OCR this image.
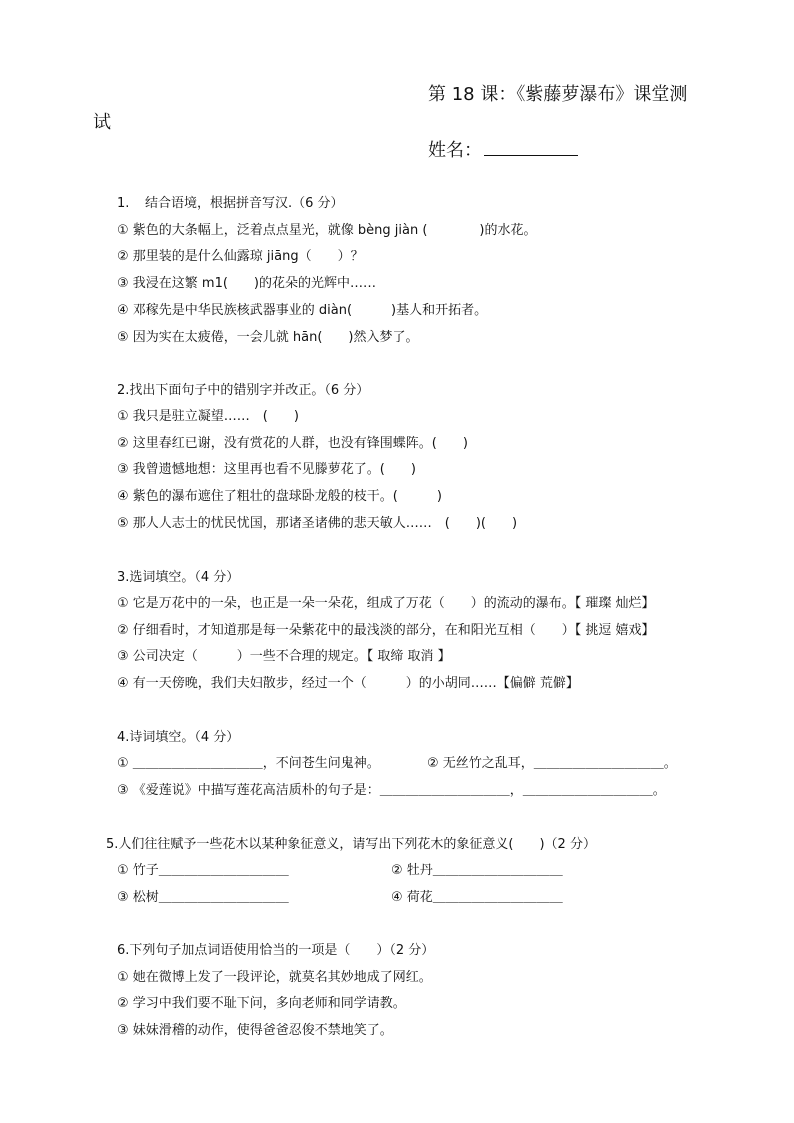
第 18 课：《紫藤萝瀑布》课堂测
试
姓名：
1. 结合语境，根据拼音写汉.（6 分）
① 紫色的大条幅上，泛着点点星光，就像 bèng jiàn (　　　　)的水花。
② 那里装的是什么仙露琼 jiāng（　　）？
③ 我浸在这繁 m1(　　)的花朵的光辉中……
④ 邓稼先是中华民族核武器事业的 diàn(　　　)基人和开拓者。
⑤ 因为实在太疲倦，一会儿就 hān(　　)然入梦了。
2.找出下面句子中的错别字并改正。（6 分）
① 我只是驻立凝望……　(　　)
② 这里春红已谢，没有赏花的人群，也没有锋围蝶阵。(　　)
③ 我曾遗憾地想：这里再也看不见滕萝花了。(　　)
④ 紫色的瀑布遮住了粗壮的盘球卧龙般的枝干。(　　　)
⑤ 那人人志士的忧民忧国，那诸圣诸佛的悲天敏人……　(　　)(　　)
3.选词填空。（4 分）
① 它是万花中的一朵，也正是一朵一朵花，组成了万花（　　）的流动的瀑布。【 璀璨 灿烂】
② 仔细看时，才知道那是每一朵紫花中的最浅淡的部分，在和阳光互相（　　）【 挑逗 嬉戏】
③ 公司决定（　　　）一些不合理的规定。【 取缔 取消 】
④ 有一天傍晚，我们夫妇散步，经过一个（　　　）的小胡同……【偏僻 荒僻】
4.诗词填空。（4 分）
① ＿＿＿＿＿＿＿＿＿＿，不问苍生问鬼神。	② 无丝竹之乱耳，＿＿＿＿＿＿＿＿＿＿。
③ 《爱莲说》中描写莲花高洁质朴的句子是：＿＿＿＿＿＿＿＿＿＿，＿＿＿＿＿＿＿＿＿＿。
5.人们往往赋予一些花木以某种象征意义，请写出下列花木的象征意义(　　)（2 分）
① 竹子＿＿＿＿＿＿＿＿＿＿	② 牡丹＿＿＿＿＿＿＿＿＿＿
③ 松树＿＿＿＿＿＿＿＿＿＿	④ 荷花＿＿＿＿＿＿＿＿＿＿
6.下列句子加点词语使用恰当的一项是（　　）（2 分）
① 她在微博上发了一段评论，就莫名其妙地成了网红。
② 学习中我们要不耻下问，多向老师和同学请教。
③ 妹妹滑稽的动作，使得爸爸忍俊不禁地笑了。
